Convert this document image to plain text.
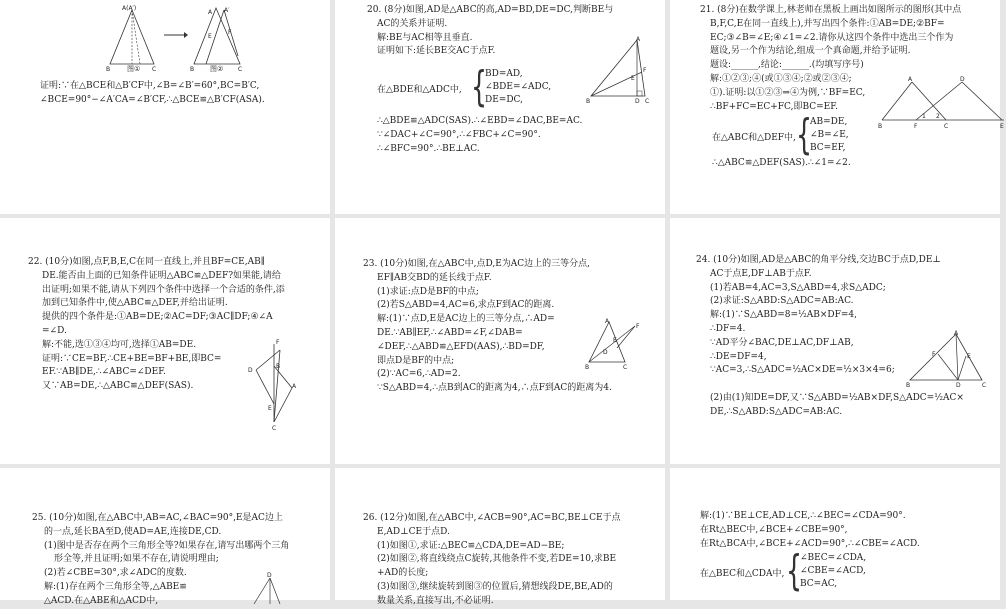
A(A′)
B	C
A A′
E
F
B	C
图①	图②
证明:∵在△BCE和△B′CF中,∠B=∠B′=60°,BC=B′C,
∠BCE=90°−∠A′CA=∠B′CF,∴△BCE≌△B′CF(ASA).
20. (8分)如图,AD是△ABC的高,AD=BD,DE=DC,判断BE与
AC的关系并证明.
解:BE与AC相等且垂直.
证明如下:延长BE交AC于点F.
在△BDE和△ADC中, {
BD=AD,
∠BDE=∠ADC,
DE=DC,
∴△BDE≌△ADC(SAS).∴∠EBD=∠DAC,BE=AC.
∵∠DAC+∠C=90°,∴∠FBC+∠C=90°.
∴∠BFC=90°.∴BE⊥AC.
A
F
E
B	D C
21. (8分)在数学课上,林老师在黑板上画出如图所示的图形(其中点
B,F,C,E在同一直线上),并写出四个条件:①AB=DE;②BF=
EC;③∠B=∠E;④∠1=∠2.请你从这四个条件中选出三个作为
题设,另一个作为结论,组成一个真命题,并给予证明.
题设:______,结论:______.(均填写序号)
解:①②③;④(或①③④;②或②③④;
①).证明:以①②③⇒④为例,∵BF=EC,
∴BF+FC=EC+FC,即BC=EF.
在△ABC和△DEF中, {
AB=DE,
∠B=∠E,
BC=EF,
∴△ABC≌△DEF(SAS).∴∠1=∠2.
A	D
B	F	C	E
1 2
22. (10分)如图,点F,B,E,C在同一直线上,并且BF=CE,AB∥
DE.能否由上面的已知条件证明△ABC≌△DEF?如果能,请给
出证明;如果不能,请从下列四个条件中选择一个合适的条件,添
加到已知条件中,使△ABC≌△DEF,并给出证明.
提供的四个条件是:①AB=DE;②AC=DF;③AC∥DF;④∠A
=∠D.
解:不能,选①③④均可,选择①AB=DE.
证明:∵CE=BF,∴CE+BE=BF+BE,即BC=
EF.∵AB∥DE,∴∠ABC=∠DEF.
又∵AB=DE,∴△ABC≌△DEF(SAS).
F
A
D
B
E
C
23. (10分)如图,在△ABC中,点D,E为AC边上的三等分点,
EF∥AB交BD的延长线于点F.
(1)求证:点D是BF的中点;
(2)若S△ABD=4,AC=6,求点F到AC的距离.
解:(1)∵点D,E是AC边上的三等分点,∴AD=
DE.∵AB∥EF,∴∠ABD=∠F,∠DAB=
∠DEF,∴△ABD≌△EFD(AAS),∴BD=DF,
即点D是BF的中点;
(2)∵AC=6,∴AD=2.
∵S△ABD=4,∴点B到AC的距离为4,∴点F到AC的距离为4.
A
E
F
D
B	C
24. (10分)如图,AD是△ABC的角平分线,交边BC于点D,DE⊥
AC于点E,DF⊥AB于点F.
(1)若AB=4,AC=3,S△ABD=4,求S△ADC;
(2)求证:S△ABD:S△ADC=AB:AC.
解:(1)∵S△ABD=8=½AB×DF=4,
∴DF=4.
∵AD平分∠BAC,DE⊥AC,DF⊥AB,
∴DE=DF=4,
∵AC=3,∴S△ADC=½AC×DE=½×3×4=6;
(2)由(1)知DE=DF,又∵S△ABD=½AB×DF,S△ADC=½AC×
DE,∴S△ABD:S△ADC=AB:AC.
A
F	E
B	D	C
25. (10分)如图,在△ABC中,AB=AC,∠BAC=90°,E是AC边上
的一点,延长BA至D,使AD=AE,连接DE,CD.
(1)图中是否存在两个三角形全等?如果存在,请写出哪两个三角
形全等,并且证明;如果不存在,请说明理由;
(2)若∠CBE=30°,求∠ADC的度数.
解:(1)存在两个三角形全等,△ABE≌
△ACD.在△ABE和△ACD中,
D
26. (12分)如图,在△ABC中,∠ACB=90°,AC=BC,BE⊥CE于点
E,AD⊥CE于点D.
(1)如图①,求证:△BEC≌△CDA,DE=AD−BE;
(2)如图②,将直线绕点C旋转,其他条件不变,若DE=10,求BE
+AD的长度;
(3)如图③,继续旋转到图③的位置后,猜想线段DE,BE,AD的
数量关系,直接写出,不必证明.
解:(1)∵BE⊥CE,AD⊥CE,∴∠BEC=∠CDA=90°.
在Rt△BEC中,∠BCE+∠CBE=90°,
在Rt△BCA中,∠BCE+∠ACD=90°,∴∠CBE=∠ACD.
在△BEC和△CDA中, {
∠BEC=∠CDA,
∠CBE=∠ACD,
BC=AC,
